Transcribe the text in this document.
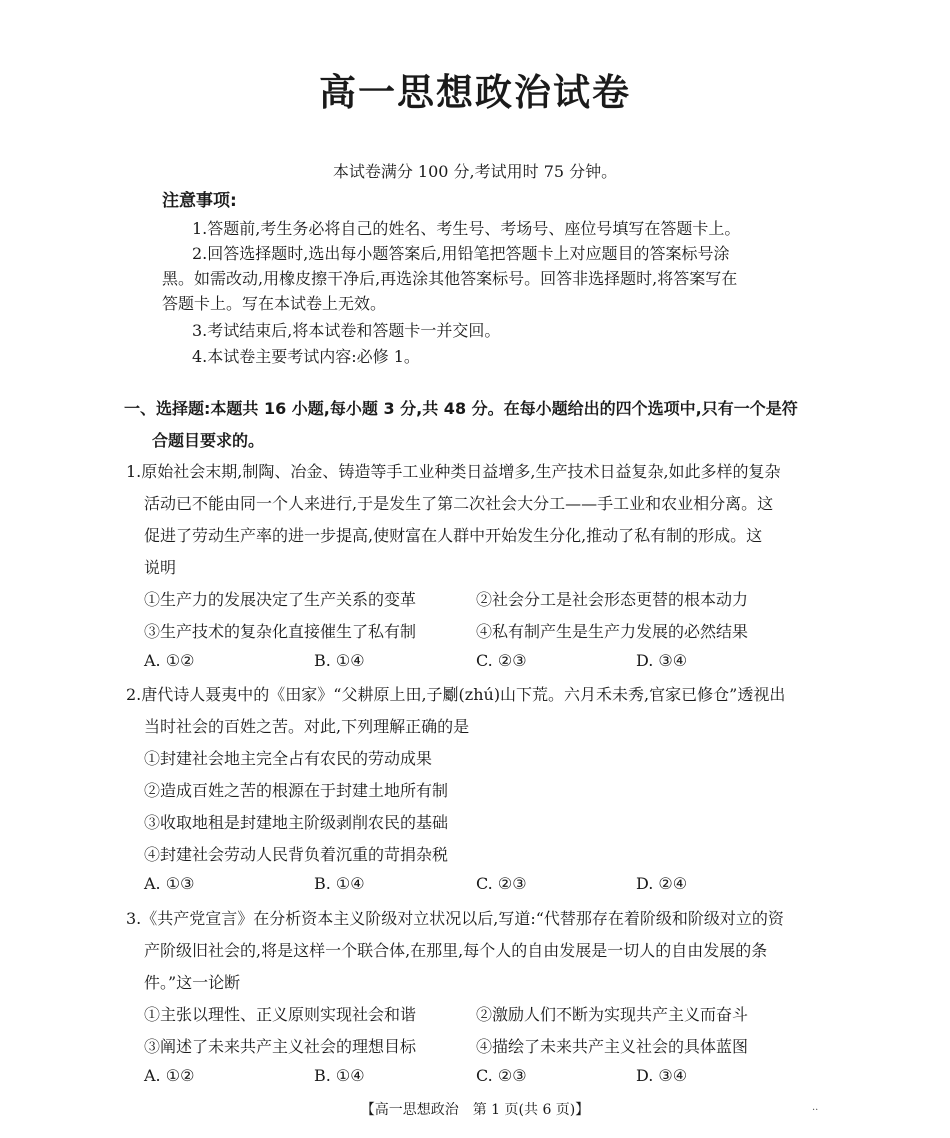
高一思想政治试卷
本试卷满分 100 分,考试用时 75 分钟。
注意事项:
1.答题前,考生务必将自己的姓名、考生号、考场号、座位号填写在答题卡上。
2.回答选择题时,选出每小题答案后,用铅笔把答题卡上对应题目的答案标号涂
黑。如需改动,用橡皮擦干净后,再选涂其他答案标号。回答非选择题时,将答案写在
答题卡上。写在本试卷上无效。
3.考试结束后,将本试卷和答题卡一并交回。
4.本试卷主要考试内容:必修 1。
一、选择题:本题共 16 小题,每小题 3 分,共 48 分。在每小题给出的四个选项中,只有一个是符
合题目要求的。
1.原始社会末期,制陶、冶金、铸造等手工业种类日益增多,生产技术日益复杂,如此多样的复杂
活动已不能由同一个人来进行,于是发生了第二次社会大分工——手工业和农业相分离。这
促进了劳动生产率的进一步提高,使财富在人群中开始发生分化,推动了私有制的形成。这
说明
①生产力的发展决定了生产关系的变革	②社会分工是社会形态更替的根本动力
③生产技术的复杂化直接催生了私有制	④私有制产生是生产力发展的必然结果
A. ①②	B. ①④	C. ②③	D. ③④
2.唐代诗人聂夷中的《田家》“父耕原上田,子劚(zhú)山下荒。六月禾未秀,官家已修仓”透视出
当时社会的百姓之苦。对此,下列理解正确的是
①封建社会地主完全占有农民的劳动成果
②造成百姓之苦的根源在于封建土地所有制
③收取地租是封建地主阶级剥削农民的基础
④封建社会劳动人民背负着沉重的苛捐杂税
A. ①③	B. ①④	C. ②③	D. ②④
3.《共产党宣言》在分析资本主义阶级对立状况以后,写道:“代替那存在着阶级和阶级对立的资
产阶级旧社会的,将是这样一个联合体,在那里,每个人的自由发展是一切人的自由发展的条
件。”这一论断
①主张以理性、正义原则实现社会和谐	②激励人们不断为实现共产主义而奋斗
③阐述了未来共产主义社会的理想目标	④描绘了未来共产主义社会的具体蓝图
A. ①②	B. ①④	C. ②③	D. ③④
【高一思想政治　第 1 页(共 6 页)】	··
